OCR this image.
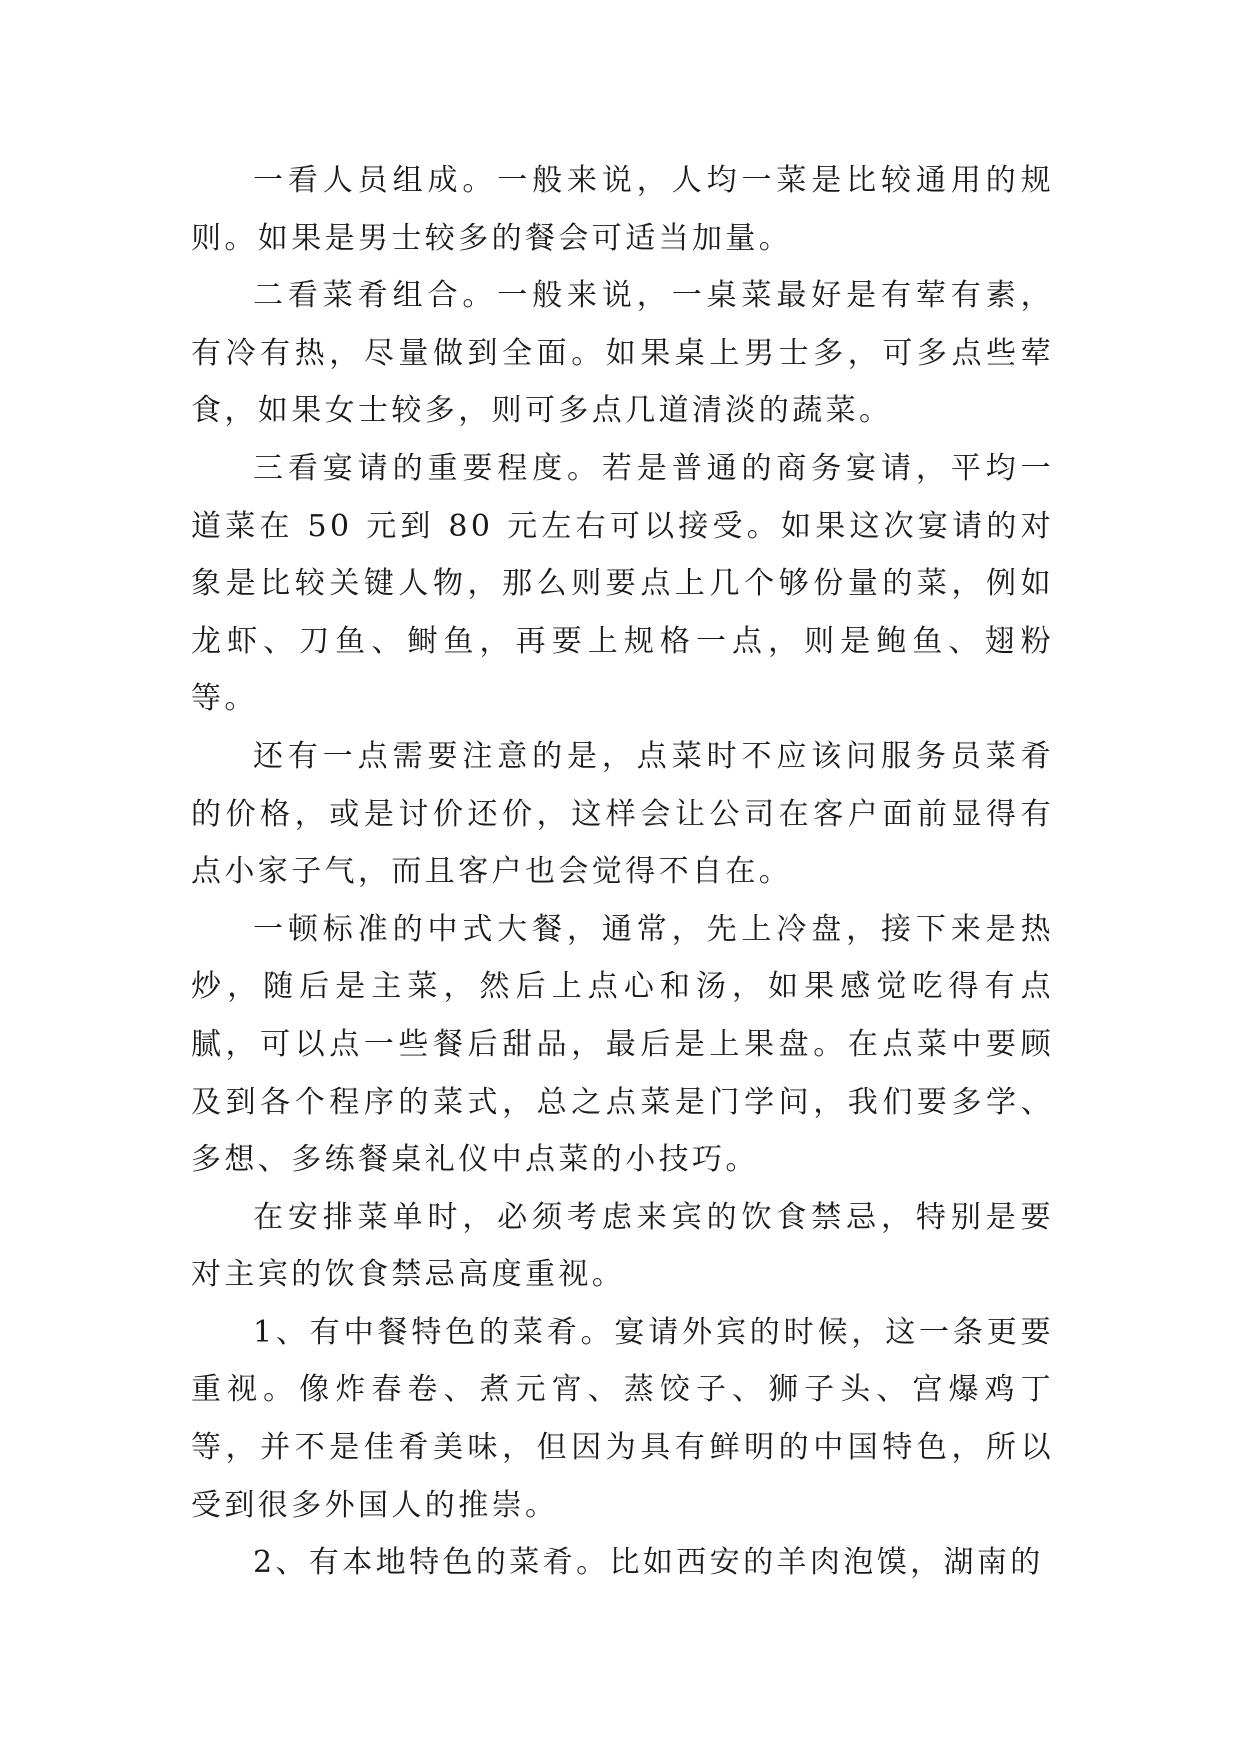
一看人员组成。一般来说，人均一菜是比较通用的规则。如果是男士较多的餐会可适当加量。

二看菜肴组合。一般来说，一桌菜最好是有荤有素，有冷有热，尽量做到全面。如果桌上男士多，可多点些荤食，如果女士较多，则可多点几道清淡的蔬菜。

三看宴请的重要程度。若是普通的商务宴请，平均一道菜在 50 元到 80 元左右可以接受。如果这次宴请的对象是比较关键人物，那么则要点上几个够份量的菜，例如龙虾、刀鱼、鲥鱼，再要上规格一点，则是鲍鱼、翅粉等。

还有一点需要注意的是，点菜时不应该问服务员菜肴的价格，或是讨价还价，这样会让公司在客户面前显得有点小家子气，而且客户也会觉得不自在。

一顿标准的中式大餐，通常，先上冷盘，接下来是热炒，随后是主菜，然后上点心和汤，如果感觉吃得有点腻，可以点一些餐后甜品，最后是上果盘。在点菜中要顾及到各个程序的菜式，总之点菜是门学问，我们要多学、多想、多练餐桌礼仪中点菜的小技巧。

在安排菜单时，必须考虑来宾的饮食禁忌，特别是要对主宾的饮食禁忌高度重视。

1、有中餐特色的菜肴。宴请外宾的时候，这一条更要重视。像炸春卷、煮元宵、蒸饺子、狮子头、宫爆鸡丁等，并不是佳肴美味，但因为具有鲜明的中国特色，所以受到很多外国人的推崇。

2、有本地特色的菜肴。比如西安的羊肉泡馍，湖南的
